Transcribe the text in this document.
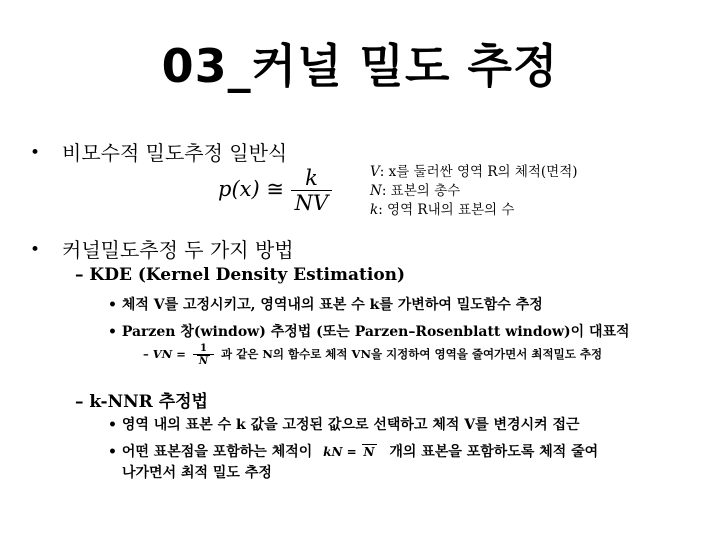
03_커널 밀도 추정
• 비모수적 밀도추정 일반식
p(x) ≅ $\frac{k}{NV}$	V: x를 둘러싼 영역 R의 체적(면적)
N: 표본의 총수
k: 영역 R내의 표본의 수
• 커널밀도추정 두 가지 방법
– KDE (Kernel Density Estimation)
• 체적 V를 고정시키고, 영역내의 표본 수 k를 가변하여 밀도함수 추정
• Parzen 창(window) 추정법 (또는 Parzen–Rosenblatt window)이 대표적
– VN = $\frac{1}{N}$ 과 같은 N의 함수로 체적 VN을 지정하여 영역을 줄여가면서 최적밀도 추정
– k-NNR 추정법
• 영역 내의 표본 수 k 값을 고정된 값으로 선택하고 체적 V를 변경시켜 접근
• 어떤 표본점을 포함하는 체적이 kN = N 개의 표본을 포함하도록 체적 줄여
나가면서 최적 밀도 추정
